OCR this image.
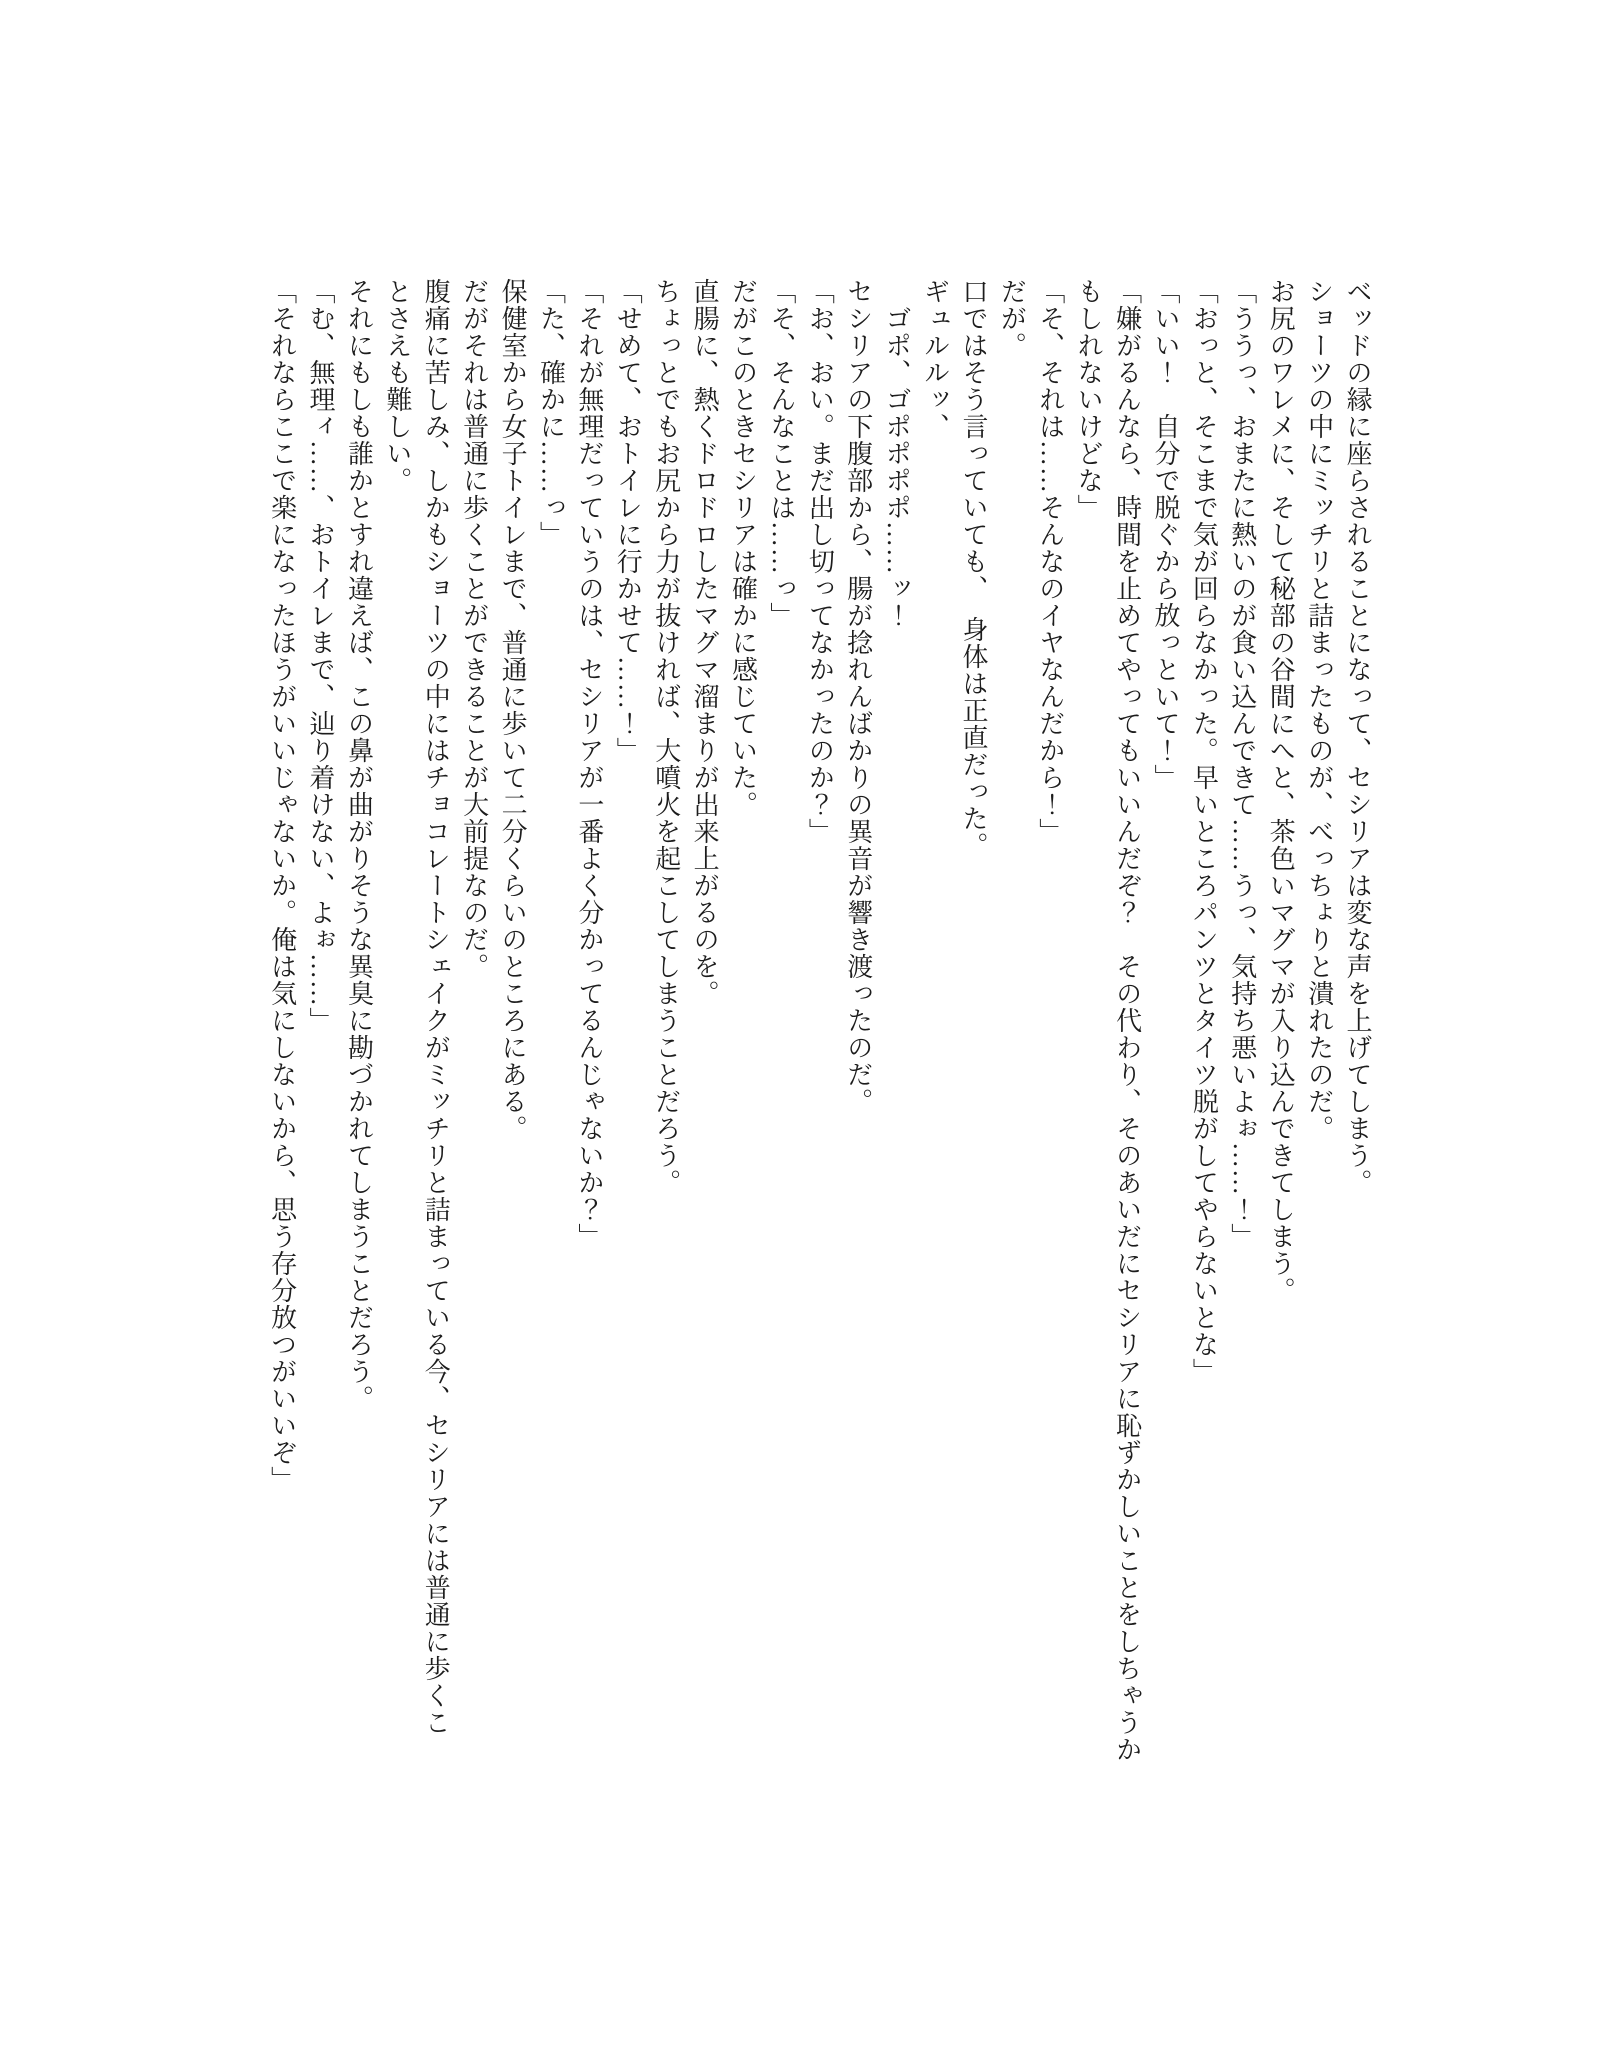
ベッドの縁に座らされることになって、セシリアは変な声を上げてしまう。
ショーツの中にミッチリと詰まったものが、べっちょりと潰れたのだ。
お尻のワレメに、そして秘部の谷間にへと、茶色いマグマが入り込んできてしまう。
「ううっ、おまたに熱いのが食い込んできて……うっ、気持ち悪いよぉ……！」
「おっと、そこまで気が回らなかった。早いところパンツとタイツ脱がしてやらないとな」
「いい！　自分で脱ぐから放っといて！」
「嫌がるんなら、時間を止めてやってもいいんだぞ？　その代わり、そのあいだにセシリアに恥ずかしいことをしちゃうか
もしれないけどな」
「そ、それは……そんなのイヤなんだから！」
だが。
口ではそう言っていても、　身体は正直だった。
ギュルルッ、
　ゴポ、ゴポポポポ……ッ！
セシリアの下腹部から、腸が捻れんばかりの異音が響き渡ったのだ。
「お、おい。まだ出し切ってなかったのか？」
「そ、そんなことは……っ」
だがこのときセシリアは確かに感じていた。
直腸に、熱くドロドロしたマグマ溜まりが出来上がるのを。
ちょっとでもお尻から力が抜ければ、大噴火を起こしてしまうことだろう。
「せめて、おトイレに行かせて……！」
「それが無理だっていうのは、セシリアが一番よく分かってるんじゃないか？」
「た、確かに……っ」
保健室から女子トイレまで、普通に歩いて二分くらいのところにある。
だがそれは普通に歩くことができることが大前提なのだ。
腹痛に苦しみ、しかもショーツの中にはチョコレートシェイクがミッチリと詰まっている今、セシリアには普通に歩くこ
とさえも難しい。
それにもしも誰かとすれ違えば、この鼻が曲がりそうな異臭に勘づかれてしまうことだろう。
「む、無理ィ……、おトイレまで、辿り着けない、よぉ……」
「それならここで楽になったほうがいいじゃないか。俺は気にしないから、思う存分放つがいいぞ」
